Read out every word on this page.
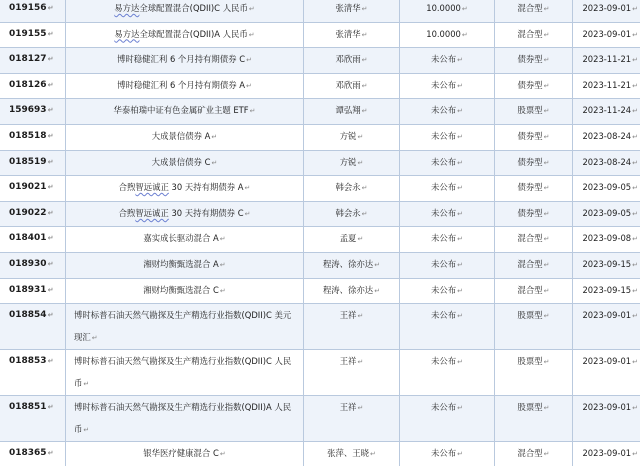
019156↵	易方达全球配置混合(QDII)C 人民币↵	张清华↵	10.0000↵	混合型↵	2023-09-01↵
019155↵	易方达全球配置混合(QDII)A 人民币↵	张清华↵	10.0000↵	混合型↵	2023-09-01↵
018127↵	博时稳健汇利 6 个月持有期债券 C↵	邓欣雨↵	未公布↵	债券型↵	2023-11-21↵
018126↵	博时稳健汇利 6 个月持有期债券 A↵	邓欣雨↵	未公布↵	债券型↵	2023-11-21↵
159693↵	华泰柏瑞中证有色金属矿业主题 ETF↵	谭弘翔↵	未公布↵	股票型↵	2023-11-24↵
018518↵	大成景信债券 A↵	方锐↵	未公布↵	债券型↵	2023-08-24↵
018519↵	大成景信债券 C↵	方锐↵	未公布↵	债券型↵	2023-08-24↵
019021↵	合煦智远诚正 30 天持有期债券 A↵	韩会永↵	未公布↵	债券型↵	2023-09-05↵
019022↵	合煦智远诚正 30 天持有期债券 C↵	韩会永↵	未公布↵	债券型↵	2023-09-05↵
018401↵	嘉实成长驱动混合 A↵	孟夏↵	未公布↵	混合型↵	2023-09-08↵
018930↵	湘财均衡甄选混合 A↵	程涛、徐亦达↵	未公布↵	混合型↵	2023-09-15↵
018931↵	湘财均衡甄选混合 C↵	程涛、徐亦达↵	未公布↵	混合型↵	2023-09-15↵
018854↵	博时标普石油天然气勘探及生产精选行业指数(QDII)C 美元现汇↵	王祥↵	未公布↵	股票型↵	2023-09-01↵
018853↵	博时标普石油天然气勘探及生产精选行业指数(QDII)C 人民币↵	王祥↵	未公布↵	股票型↵	2023-09-01↵
018851↵	博时标普石油天然气勘探及生产精选行业指数(QDII)A 人民币↵	王祥↵	未公布↵	股票型↵	2023-09-01↵
018365↵	银华医疗健康混合 C↵	张萍、王晓↵	未公布↵	混合型↵	2023-09-01↵
